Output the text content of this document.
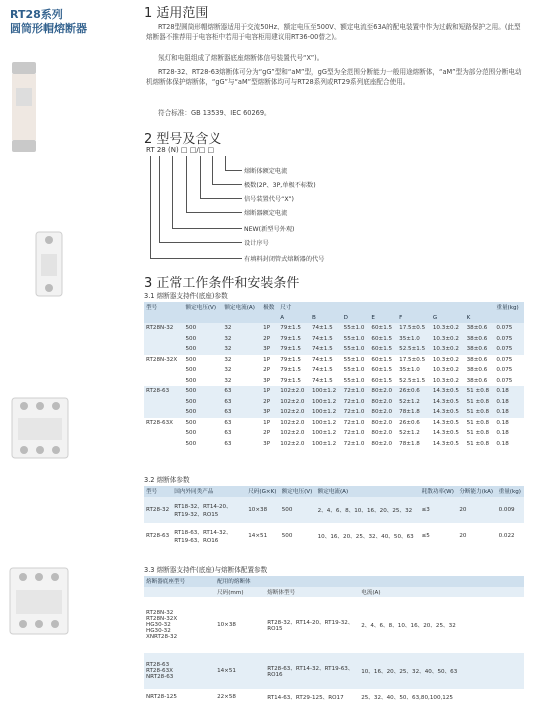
RT28系列
圆筒形帽熔断器
1 适用范围
RT28型圆筒形帽熔断器适用于交流50Hz、额定电压至500V、额定电流至63A的配电装置中作为过载和短路保护之用。(此型熔断器不推荐用于电容柜中若用于电容柜用建议用RT36-00替之)。
氖灯和电阻组成了熔断器底座熔断体信号装置代号“X”)。
RT28-32、RT28-63熔断体可分为“gG”型和“aM”型，gG型为全范围分断能力一般用途熔断体，“aM”型为部分范围分断电动机熔断体保护熔断体，“gG”与“aM”型熔断体均可与RT28系列或RT29系列底座配合使用。
符合标准：GB 13539、IEC 60269。
2 型号及含义
RT 28 (N) □ □/□ □
熔断体额定电流
极数(2P、3P,单极不标数)
信号装置代号“X”)
熔断器额定电流
NEW(新型号外观)
设计序号
有填料封闭管式熔断器的代号
3 正常工作条件和安装条件
3.1 熔断器支持件(底座)参数
型号	额定电压(V)	额定电流(A)	极数	尺寸							重量(kg)
				A	B	D	E	F	G	K	
RT28N-32	500	32	1P	79±1.5	74±1.5	55±1.0	60±1.5	17.5±0.5	10.3±0.2	38±0.6	0.075
	500	32	2P	79±1.5	74±1.5	55±1.0	60±1.5	35±1.0	10.3±0.2	38±0.6	0.075
	500	32	3P	79±1.5	74±1.5	55±1.0	60±1.5	52.5±1.5	10.3±0.2	38±0.6	0.075
RT28N-32X	500	32	1P	79±1.5	74±1.5	55±1.0	60±1.5	17.5±0.5	10.3±0.2	38±0.6	0.075
	500	32	2P	79±1.5	74±1.5	55±1.0	60±1.5	35±1.0	10.3±0.2	38±0.6	0.075
	500	32	3P	79±1.5	74±1.5	55±1.0	60±1.5	52.5±1.5	10.3±0.2	38±0.6	0.075
RT28-63	500	63	1P	102±2.0	100±1.2	72±1.0	80±2.0	26±0.6	14.3±0.5	51 ±0.8	0.18
	500	63	2P	102±2.0	100±1.2	72±1.0	80±2.0	52±1.2	14.3±0.5	51 ±0.8	0.18
	500	63	3P	102±2.0	100±1.2	72±1.0	80±2.0	78±1.8	14.3±0.5	51 ±0.8	0.18
RT28-63X	500	63	1P	102±2.0	100±1.2	72±1.0	80±2.0	26±0.6	14.3±0.5	51 ±0.8	0.18
	500	63	2P	102±2.0	100±1.2	72±1.0	80±2.0	52±1.2	14.3±0.5	51 ±0.8	0.18
	500	63	3P	102±2.0	100±1.2	72±1.0	80±2.0	78±1.8	14.3±0.5	51 ±0.8	0.18
3.2 熔断体参数
型号	国内外同类产品	尺码(G×K)	额定电压(V)	额定电流(A)	耗散功率(W)	分断能力(kA)	重量(kg)
RT28-32	RT18-32、RT14-20、RT19-32、RO15	10×38	500	2、4、6、8、10、16、20、25、32	≤3	20	0.009
RT28-63	RT18-63、RT14-32、RT19-63、RO16	14×51	500	10、16、20、25、32、40、50、63	≤5	20	0.022
3.3 熔断器支持件(底座)与熔断体配置参数
熔断器底座型号	配用的熔断体		
	尺码(mm)	熔断体型号	电流(A)

RT28N-32
RT28N-32X
HG30-32
HG30-32
XNRT28-32	10×38	RT28-32、RT14-20、RT19-32、RO15	2、4、6、8、10、16、20、25、32

RT28-63
RT28-63X
NRT28-63	14×51	RT28-63、RT14-32、RT19-63、RO16	10、16、20、25、32、40、50、63

NRT28-125	22×58	RT14-63、RT29-125、RO17	25、32、40、50、63,80,100,125
